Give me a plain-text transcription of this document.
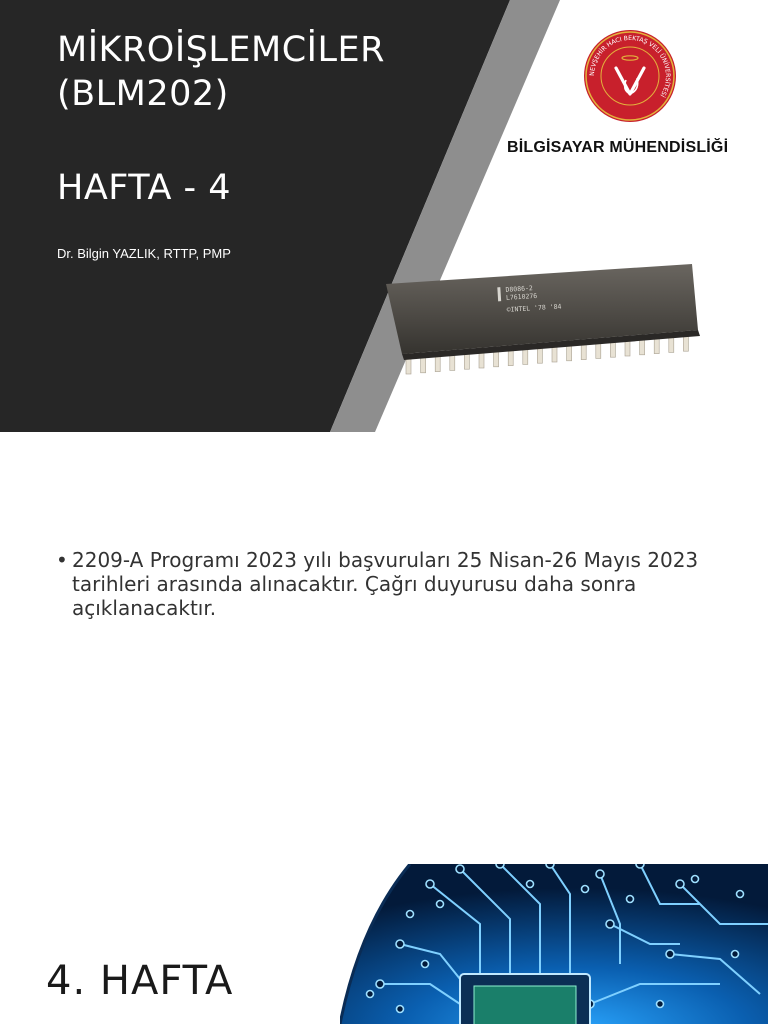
MİKROİŞLEMCİLER
(BLM202)
HAFTA - 4
Dr. Bilgin YAZLIK, RTTP, PMP
NEVŞEHİR HACI BEKTAŞ VELİ ÜNİVERSİTESİ
BİLGİSAYAR MÜHENDİSLİĞİ
D8086-2
L7610276
©INTEL '78 '84
• 2209-A Programı 2023 yılı başvuruları 25 Nisan-26 Mayıs 2023 tarihleri arasında alınacaktır. Çağrı duyurusu daha sonra açıklanacaktır.
4. HAFTA
